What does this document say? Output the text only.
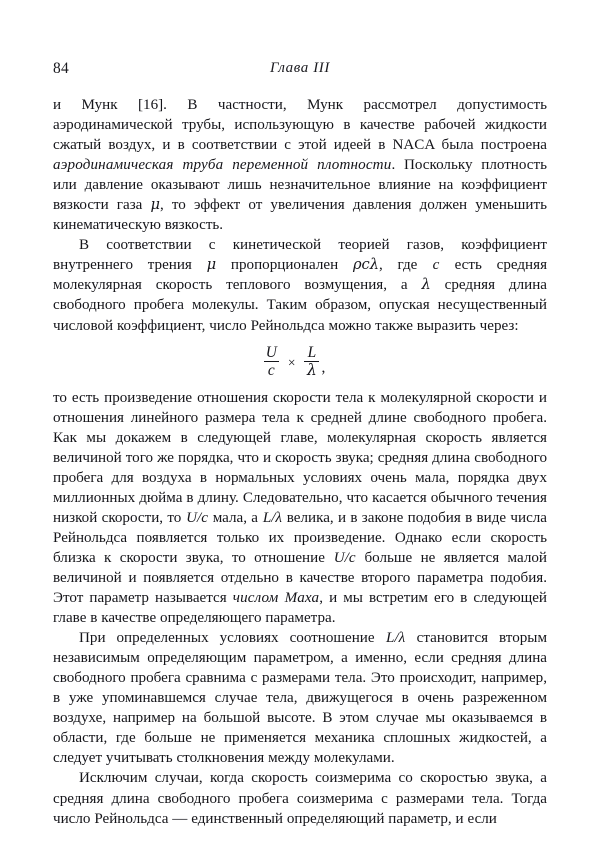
84	Глава III

и Мунк [16]. В частности, Мунк рассмотрел допустимость аэродинамической трубы, использующую в качестве рабочей жидкости сжатый воздух, и в соответствии с этой идеей в NACA была построена аэродинамическая труба переменной плотности. Поскольку плотность или давление оказывают лишь незначительное влияние на коэффициент вязкости газа μ, то эффект от увеличения давления должен уменьшить кинематическую вязкость.

В соответствии с кинетической теорией газов, коэффициент внутреннего трения μ пропорционален ρcλ, где c есть средняя молекулярная скорость теплового возмущения, а λ средняя длина свободного пробега молекулы. Таким образом, опуская несущественный числовой коэффициент, число Рейнольдса можно также выразить через:

$\frac{U}{c} \times \frac{L}{\lambda}$ ,

то есть произведение отношения скорости тела к молекулярной скорости и отношения линейного размера тела к средней длине свободного пробега. Как мы докажем в следующей главе, молекулярная скорость является величиной того же порядка, что и скорость звука; средняя длина свободного пробега для воздуха в нормальных условиях очень мала, порядка двух миллионных дюйма в длину. Следовательно, что касается обычного течения низкой скорости, то U/c мала, а L/λ велика, и в законе подобия в виде числа Рейнольдса появляется только их произведение. Однако если скорость близка к скорости звука, то отношение U/c больше не является малой величиной и появляется отдельно в качестве второго параметра подобия. Этот параметр называется числом Маха, и мы встретим его в следующей главе в качестве определяющего параметра.

При определенных условиях соотношение L/λ становится вторым независимым определяющим параметром, а именно, если средняя длина свободного пробега сравнима с размерами тела. Это происходит, например, в уже упоминавшемся случае тела, движущегося в очень разреженном воздухе, например на большой высоте. В этом случае мы оказываемся в области, где больше не применяется механика сплошных жидкостей, а следует учитывать столкновения между молекулами.

Исключим случаи, когда скорость соизмерима со скоростью звука, а средняя длина свободного пробега соизмерима с размерами тела. Тогда число Рейнольдса — единственный определяющий параметр, и если
